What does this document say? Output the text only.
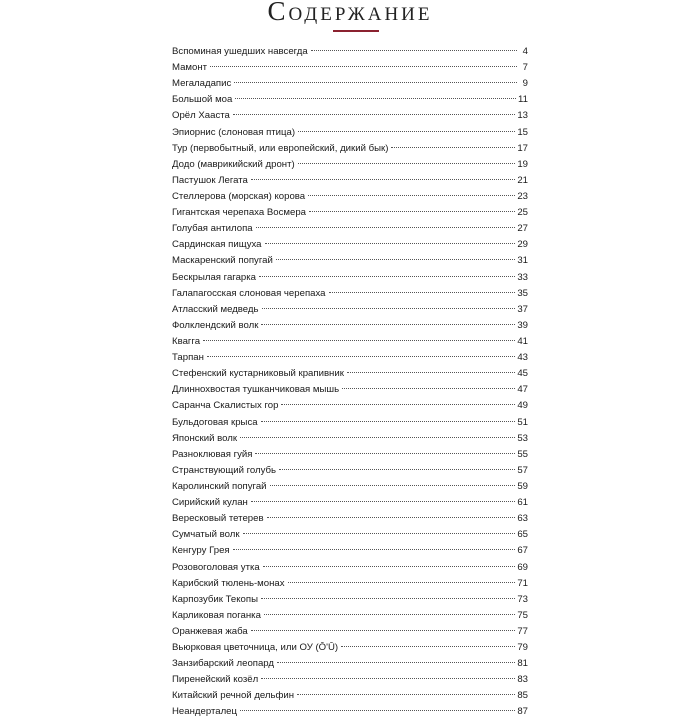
Содержание
Вспоминая ушедших навсегда	4
Мамонт	7
Мегаладапис	9
Большой моа	11
Орёл Хааста	13
Эпиорнис (слоновая птица)	15
Тур (первобытный, или европейский, дикий бык)	17
Додо (маврикийский дронт)	19
Пастушок Легата	21
Стеллерова (морская) корова	23
Гигантская черепаха Восмера	25
Голубая антилопа	27
Сардинская пищуха	29
Маскаренский попугай	31
Бескрылая гагарка	33
Галапагосская слоновая черепаха	35
Атласский медведь	37
Фолклендский волк	39
Квагга	41
Тарпан	43
Стефенский кустарниковый крапивник	45
Длиннохвостая тушканчиковая мышь	47
Саранча Скалистых гор	49
Бульдоговая крыса	51
Японский волк	53
Разноклювая гуйя	55
Странствующий голубь	57
Каролинский попугай	59
Сирийский кулан	61
Вересковый тетерев	63
Сумчатый волк	65
Кенгуру Грея	67
Розовоголовая утка	69
Карибский тюлень-монах	71
Карпозубик Текопы	73
Карликовая поганка	75
Оранжевая жаба	77
Вьюрковая цветочница, или ОУ (Ō'Ū)	79
Занзибарский леопард	81
Пиренейский козёл	83
Китайский речной дельфин	85
Неандерталец	87
